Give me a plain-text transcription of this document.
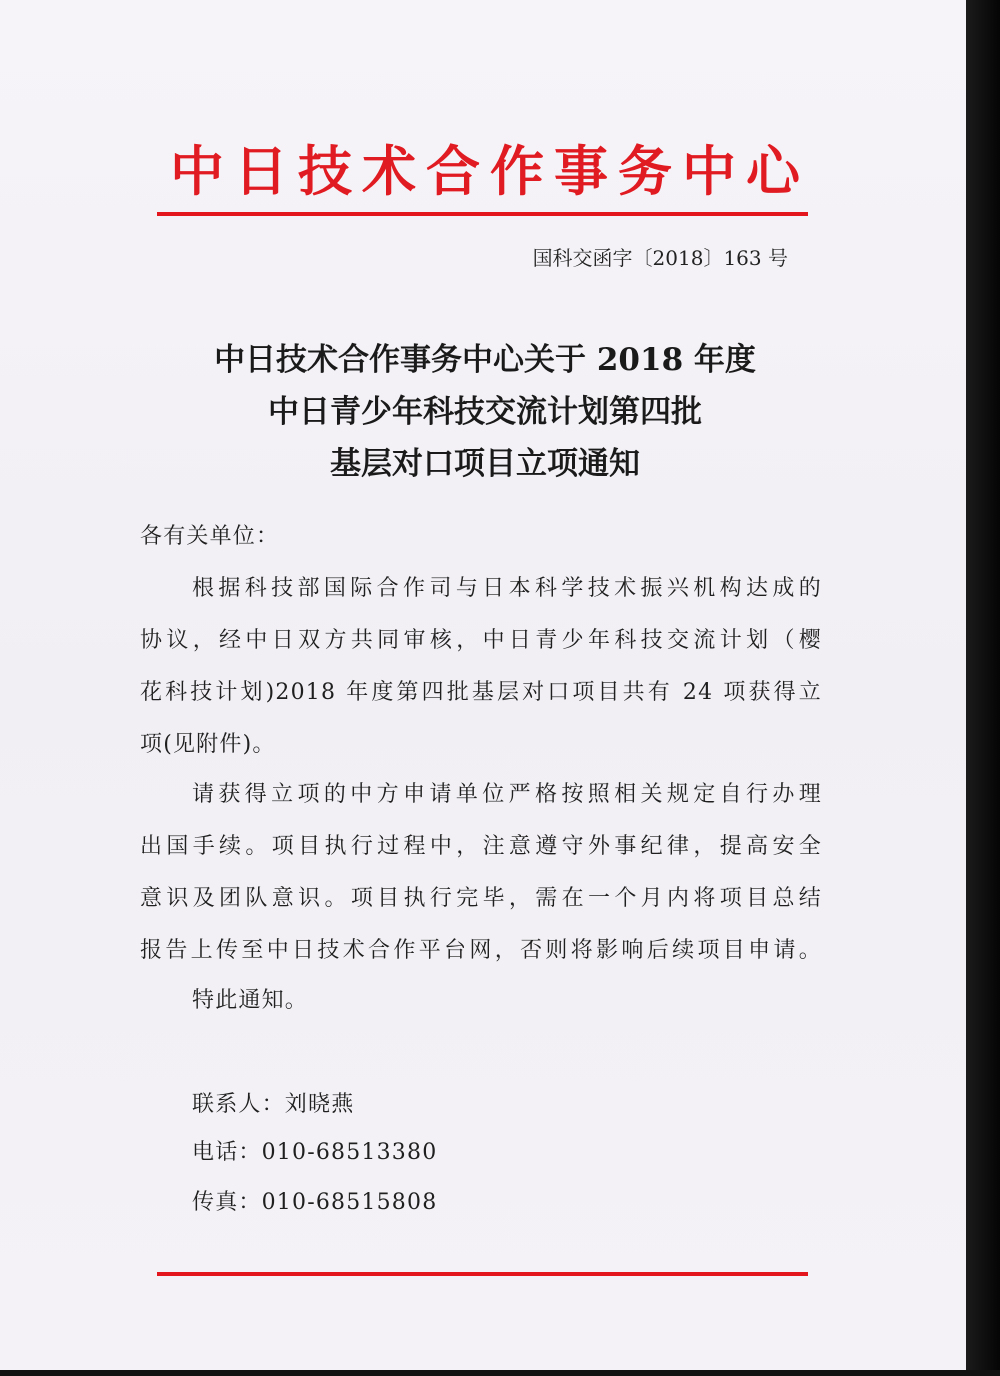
中日技术合作事务中心
国科交函字〔2018〕163 号
中日技术合作事务中心关于 2018 年度
中日青少年科技交流计划第四批
基层对口项目立项通知
各有关单位：
根据科技部国际合作司与日本科学技术振兴机构达成的
协议，经中日双方共同审核，中日青少年科技交流计划（樱
花科技计划)2018 年度第四批基层对口项目共有 24 项获得立
项(见附件)。
请获得立项的中方申请单位严格按照相关规定自行办理
出国手续。项目执行过程中，注意遵守外事纪律，提高安全
意识及团队意识。项目执行完毕，需在一个月内将项目总结
报告上传至中日技术合作平台网，否则将影响后续项目申请。
特此通知。
联系人：刘晓燕
电话：010-68513380
传真：010-68515808
